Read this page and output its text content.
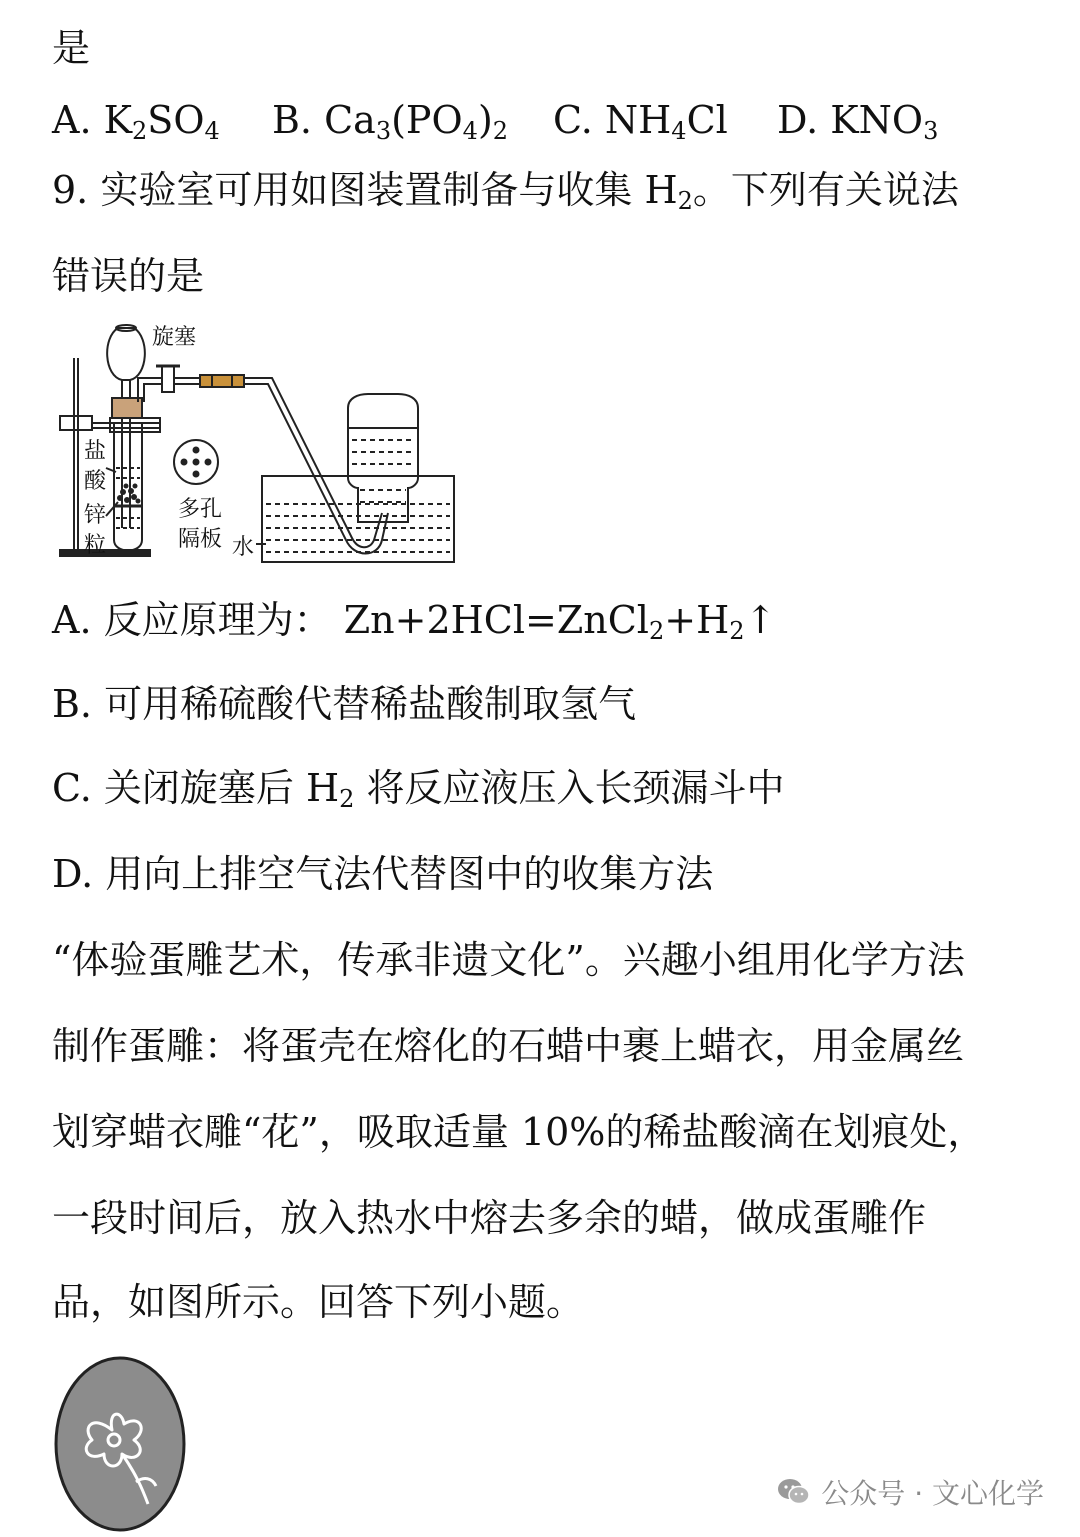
是
A. $K_2SO_4$ B. $Ca_3(PO_4)_2$ C. $NH_4Cl$ D. $KNO_3$
9. 实验室可用如图装置制备与收集 $H_2$。下列有关说法
错误的是
旋塞
盐
酸
锌
粒
多孔
隔板 水
A. 反应原理为： $Zn+2HCl=ZnCl_2+H_2↑$
B. 可用稀硫酸代替稀盐酸制取氢气
C. 关闭旋塞后 $H_2$ 将反应液压入长颈漏斗中
D. 用向上排空气法代替图中的收集方法
“体验蛋雕艺术，传承非遗文化”。兴趣小组用化学方法
制作蛋雕：将蛋壳在熔化的石蜡中裹上蜡衣，用金属丝
划穿蜡衣雕“花”，吸取适量 10%的稀盐酸滴在划痕处，
一段时间后，放入热水中熔去多余的蜡，做成蛋雕作
品，如图所示。回答下列小题。
公众号 · 文心化学
